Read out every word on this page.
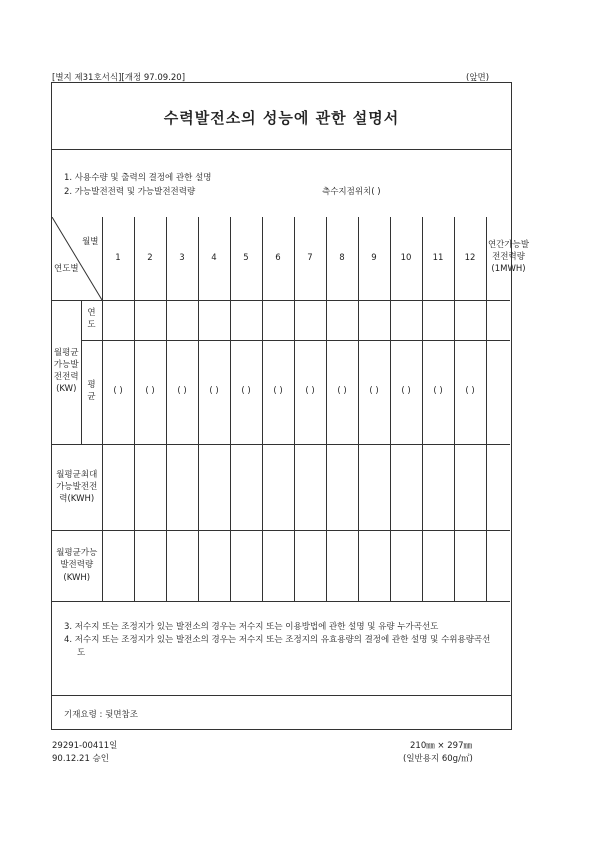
[별지 제31호서식][개정 97.09.20]	(앞면)
수력발전소의 성능에 관한 설명서
1. 사용수량 및 출력의 결정에 관한 설명
2. 가능발전전력 및 가능발전전력량	측수지점위치( )
월별
연도별		1	2	3	4	5	6	7	8	9	10	11	12	연간가능발전전력량(1MWH)

월평균가능발전전력(KW)	연도													
	평균	( )	( )	( )	( )	( )	( )	( )	( )	( )	( )	( )	( )	

월평균최대가능발전전력(KWH)														

월평균가능발전력량(KWH)														

3. 저수지 또는 조정지가 있는 발전소의 경우는 저수지 또는 이용방법에 관한 설명 및 유량 누가곡선도
4. 저수지 또는 조정지가 있는 발전소의 경우는 저수지 또는 조정지의 유효용량의 결정에 관한 설명 및 수위용량곡선도
기재요령 : 뒷면참조
29291-00411일
90.12.21 승인
210㎜ × 297㎜
(일반용지 60g/㎡)
